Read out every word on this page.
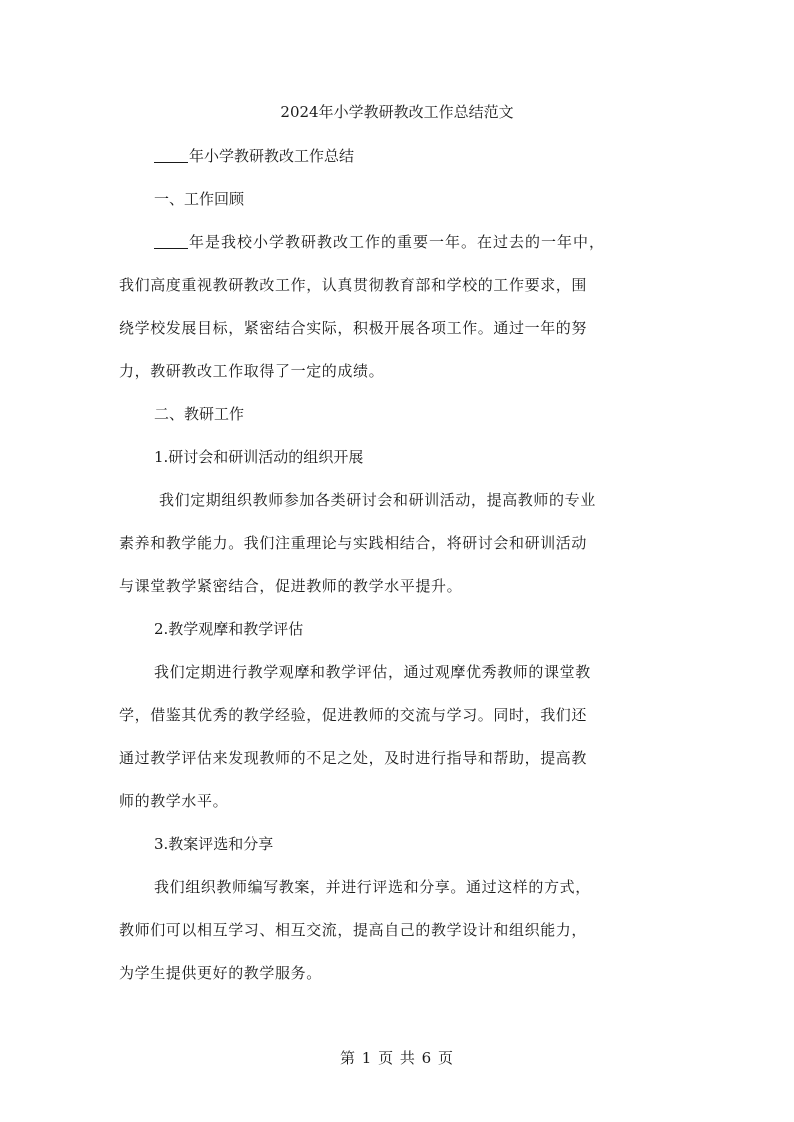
2024年小学教研教改工作总结范文
年小学教研教改工作总结
一、工作回顾
年是我校小学教研教改工作的重要一年。在过去的一年中，
我们高度重视教研教改工作，认真贯彻教育部和学校的工作要求，围
绕学校发展目标，紧密结合实际，积极开展各项工作。通过一年的努
力，教研教改工作取得了一定的成绩。
二、教研工作
1.研讨会和研训活动的组织开展
我们定期组织教师参加各类研讨会和研训活动，提高教师的专业
素养和教学能力。我们注重理论与实践相结合，将研讨会和研训活动
与课堂教学紧密结合，促进教师的教学水平提升。
2.教学观摩和教学评估
我们定期进行教学观摩和教学评估，通过观摩优秀教师的课堂教
学，借鉴其优秀的教学经验，促进教师的交流与学习。同时，我们还
通过教学评估来发现教师的不足之处，及时进行指导和帮助，提高教
师的教学水平。
3.教案评选和分享
我们组织教师编写教案，并进行评选和分享。通过这样的方式，
教师们可以相互学习、相互交流，提高自己的教学设计和组织能力，
为学生提供更好的教学服务。
第 1 页 共 6 页
